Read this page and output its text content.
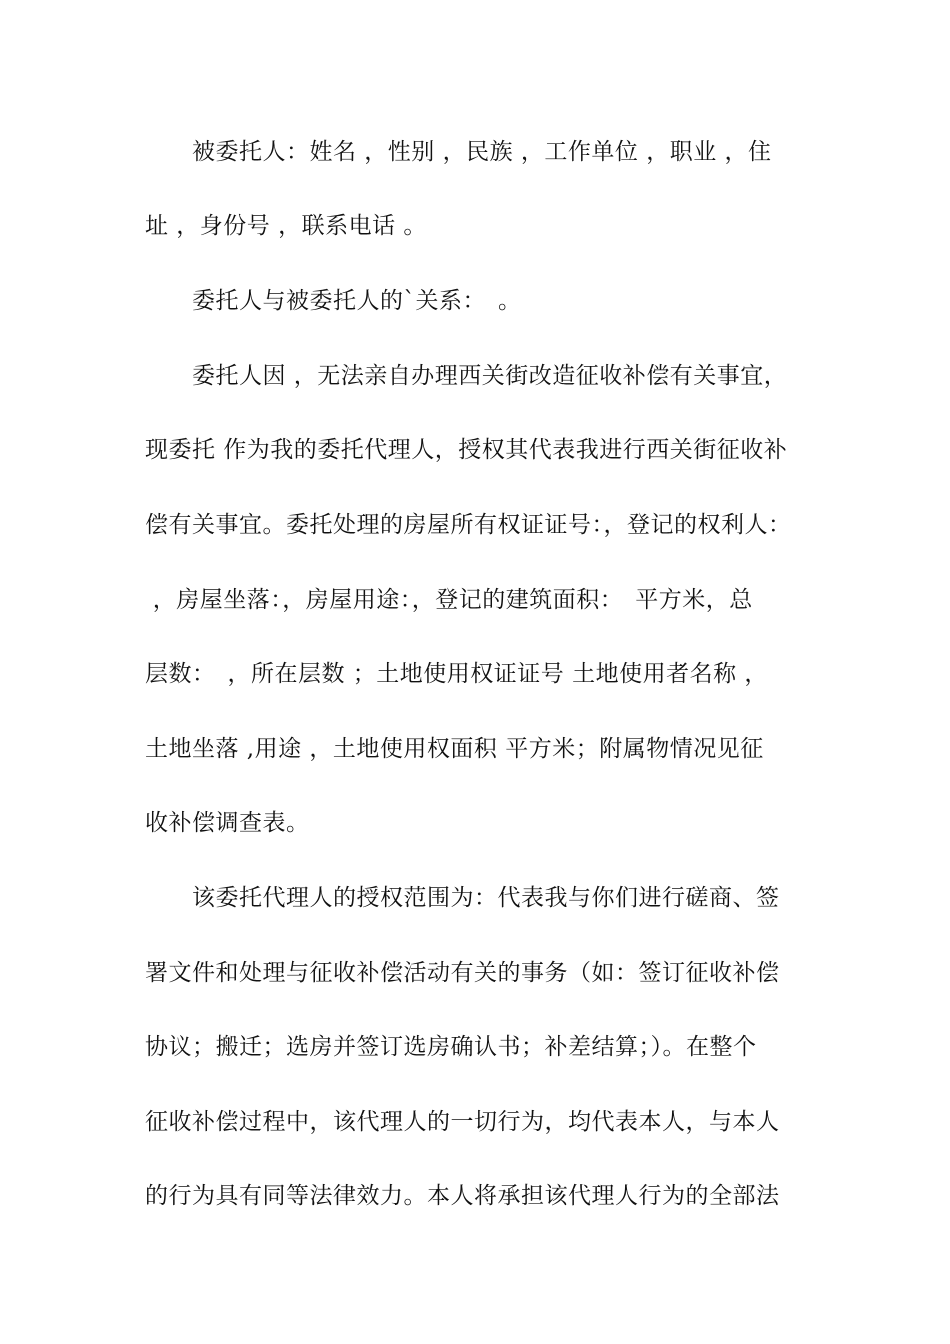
被委托人：姓名 ，性别 ，民族 ，工作单位 ，职业 ，住
址 ，身份号 ，联系电话 。
委托人与被委托人的`关系：　。
委托人因 ，无法亲自办理西关街改造征收补偿有关事宜，
现委托 作为我的委托代理人，授权其代表我进行西关街征收补
偿有关事宜。委托处理的房屋所有权证证号：，登记的权利人：
，房屋坐落：，房屋用途：，登记的建筑面积：　平方米，总
层数：　，所在层数 ；土地使用权证证号 土地使用者名称 ，
土地坐落 ,用途 ，土地使用权面积 平方米；附属物情况见征
收补偿调查表。
该委托代理人的授权范围为：代表我与你们进行磋商、签
署文件和处理与征收补偿活动有关的事务（如：签订征收补偿
协议；搬迁；选房并签订选房确认书；补差结算；）。在整个
征收补偿过程中，该代理人的一切行为，均代表本人，与本人
的行为具有同等法律效力。本人将承担该代理人行为的全部法
